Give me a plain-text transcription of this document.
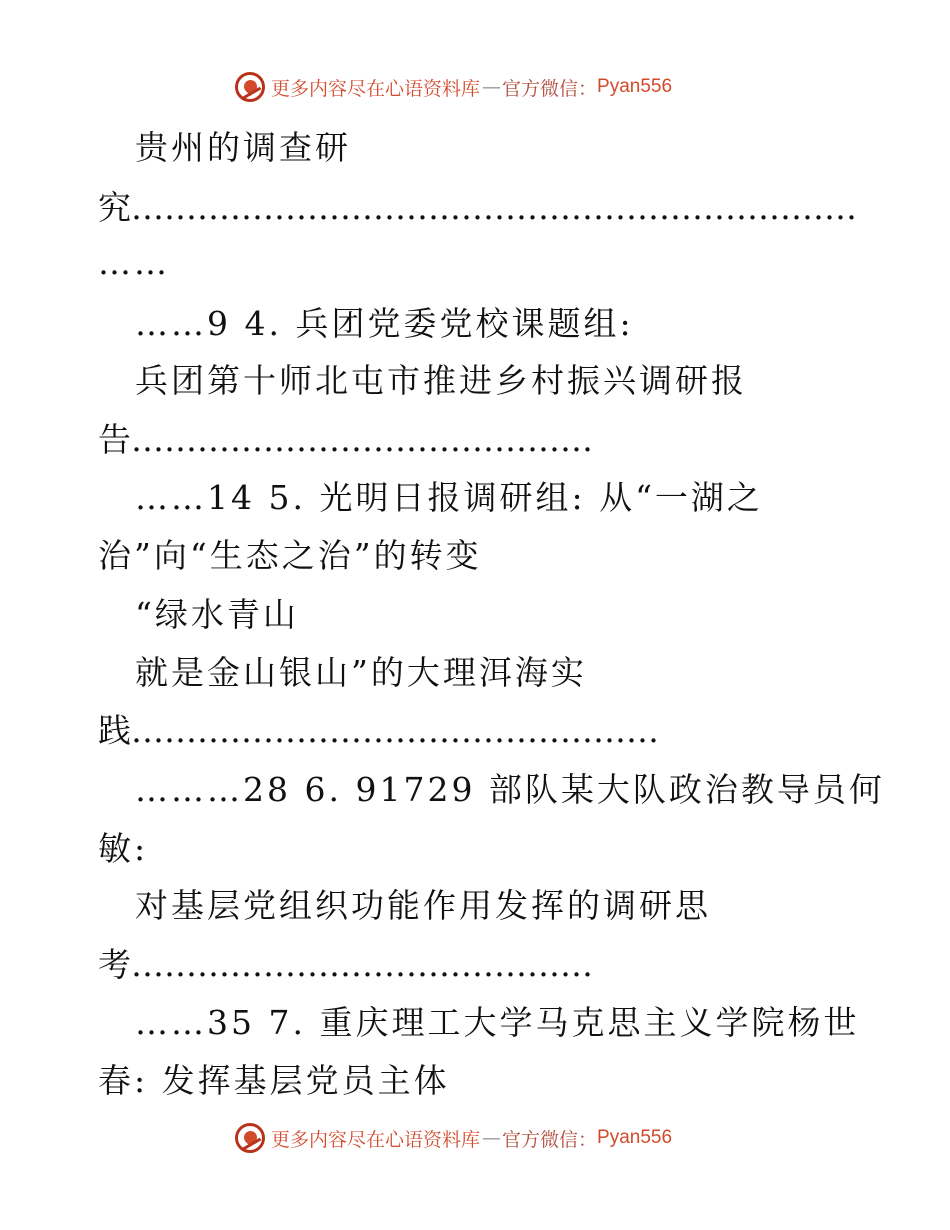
更多内容尽在心语资料库 — 官方微信： Pyan556
贵州的调查研
究…………………………………………………………
……
……9 4. 兵团党委党校课题组:
兵团第十师北屯市推进乡村振兴调研报
告……………………………………
……14 5. 光明日报调研组: 从“一湖之
治”向“生态之治”的转变
“绿水青山
就是金山银山”的大理洱海实
践…………………………………………
………28 6. 91729 部队某大队政治教导员何
敏:
对基层党组织功能作用发挥的调研思
考……………………………………
……35 7. 重庆理工大学马克思主义学院杨世
春: 发挥基层党员主体
更多内容尽在心语资料库 — 官方微信： Pyan556
